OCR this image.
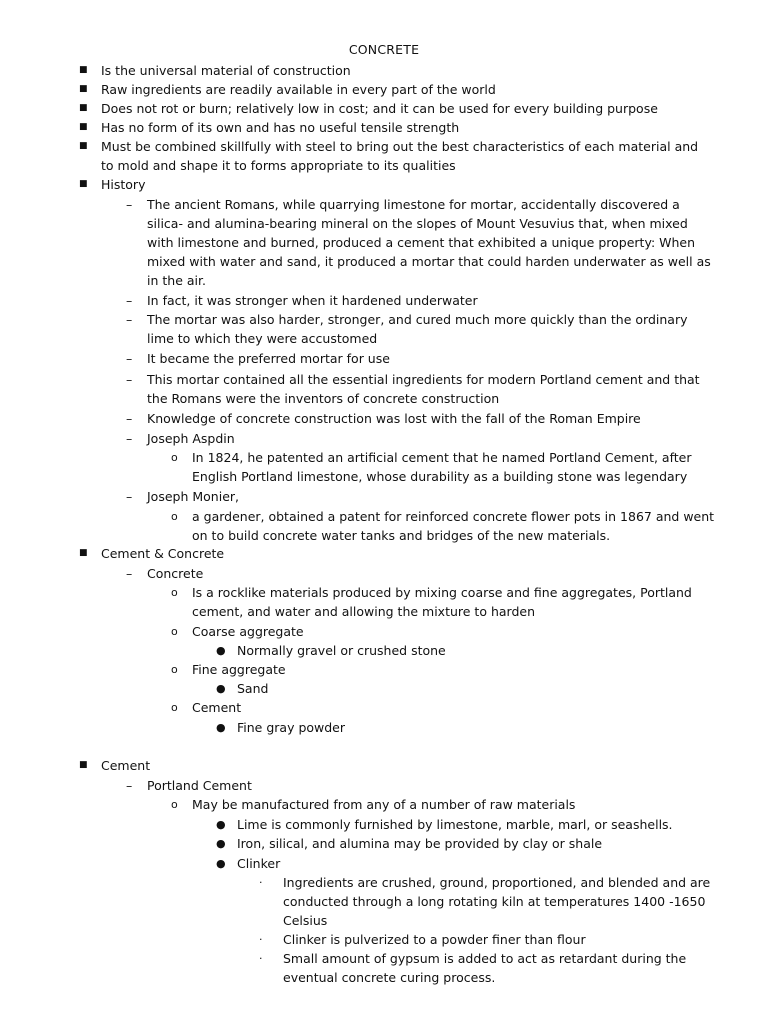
CONCRETE
■ Is the universal material of construction
■ Raw ingredients are readily available in every part of the world
■ Does not rot or burn; relatively low in cost; and it can be used for every building purpose
■ Has no form of its own and has no useful tensile strength
■ Must be combined skillfully with steel to bring out the best characteristics of each material and to mold and shape it to forms appropriate to its qualities
■ History
– The ancient Romans, while quarrying limestone for mortar, accidentally discovered a silica- and alumina-bearing mineral on the slopes of Mount Vesuvius that, when mixed with limestone and burned, produced a cement that exhibited a unique property: When mixed with water and sand, it produced a mortar that could harden underwater as well as in the air.
– In fact, it was stronger when it hardened underwater
– The mortar was also harder, stronger, and cured much more quickly than the ordinary lime to which they were accustomed
– It became the preferred mortar for use
– This mortar contained all the essential ingredients for modern Portland cement and that the Romans were the inventors of concrete construction
– Knowledge of concrete construction was lost with the fall of the Roman Empire
– Joseph Aspdin
o In 1824, he patented an artificial cement that he named Portland Cement, after English Portland limestone, whose durability as a building stone was legendary
– Joseph Monier,
o a gardener, obtained a patent for reinforced concrete flower pots in 1867 and went on to build concrete water tanks and bridges of the new materials.
■ Cement & Concrete
– Concrete
o Is a rocklike materials produced by mixing coarse and fine aggregates, Portland cement, and water and allowing the mixture to harden
o Coarse aggregate
● Normally gravel or crushed stone
o Fine aggregate
● Sand
o Cement
● Fine gray powder
■ Cement
– Portland Cement
o May be manufactured from any of a number of raw materials
● Lime is commonly furnished by limestone, marble, marl, or seashells.
● Iron, silical, and alumina may be provided by clay or shale
● Clinker
· Ingredients are crushed, ground, proportioned, and blended and are conducted through a long rotating kiln at temperatures 1400 -1650 Celsius
· Clinker is pulverized to a powder finer than flour
· Small amount of gypsum is added to act as retardant during the eventual concrete curing process.
